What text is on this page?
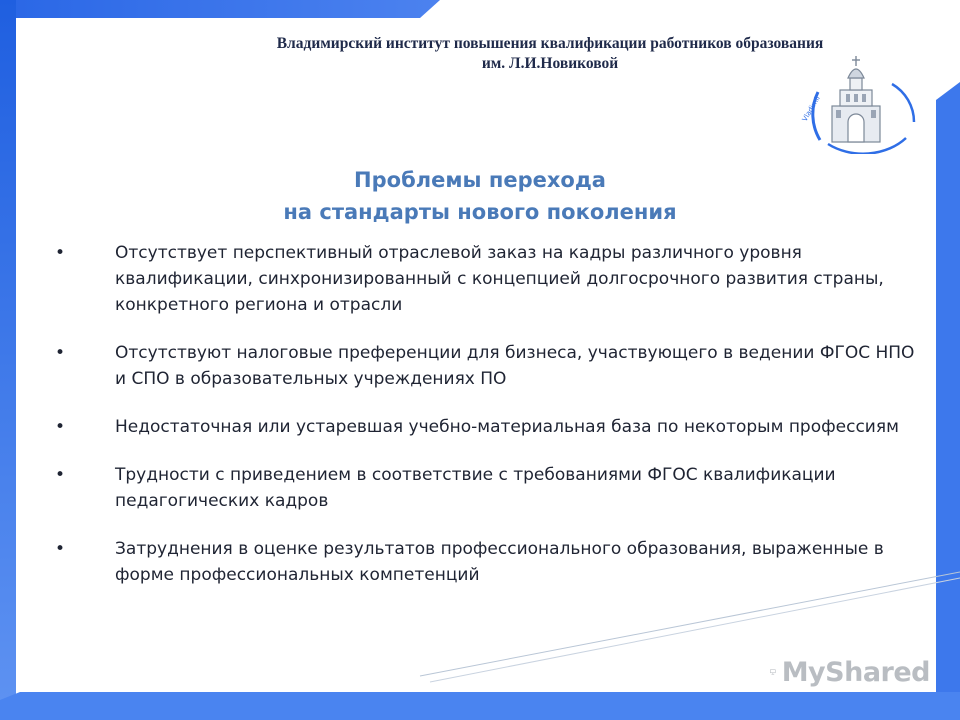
Владимирский институт повышения квалификации работников образования
им. Л.И.Новиковой
Vladimir
Проблемы перехода
на стандарты нового поколения
•	Отсутствует перспективный отраслевой заказ на кадры различного уровня квалификации, синхронизированный с концепцией долгосрочного развития страны, конкретного региона и отрасли
•	Отсутствуют налоговые преференции для бизнеса, участвующего в ведении ФГОС НПО и СПО в образовательных учреждениях ПО
•	Недостаточная или устаревшая учебно-материальная база по некоторым профессиям
•	Трудности с приведением в соответствие с требованиями ФГОС квалификации педагогических кадров
•	Затруднения в оценке результатов профессионального образования, выраженные в форме профессиональных компетенций
MyShared
